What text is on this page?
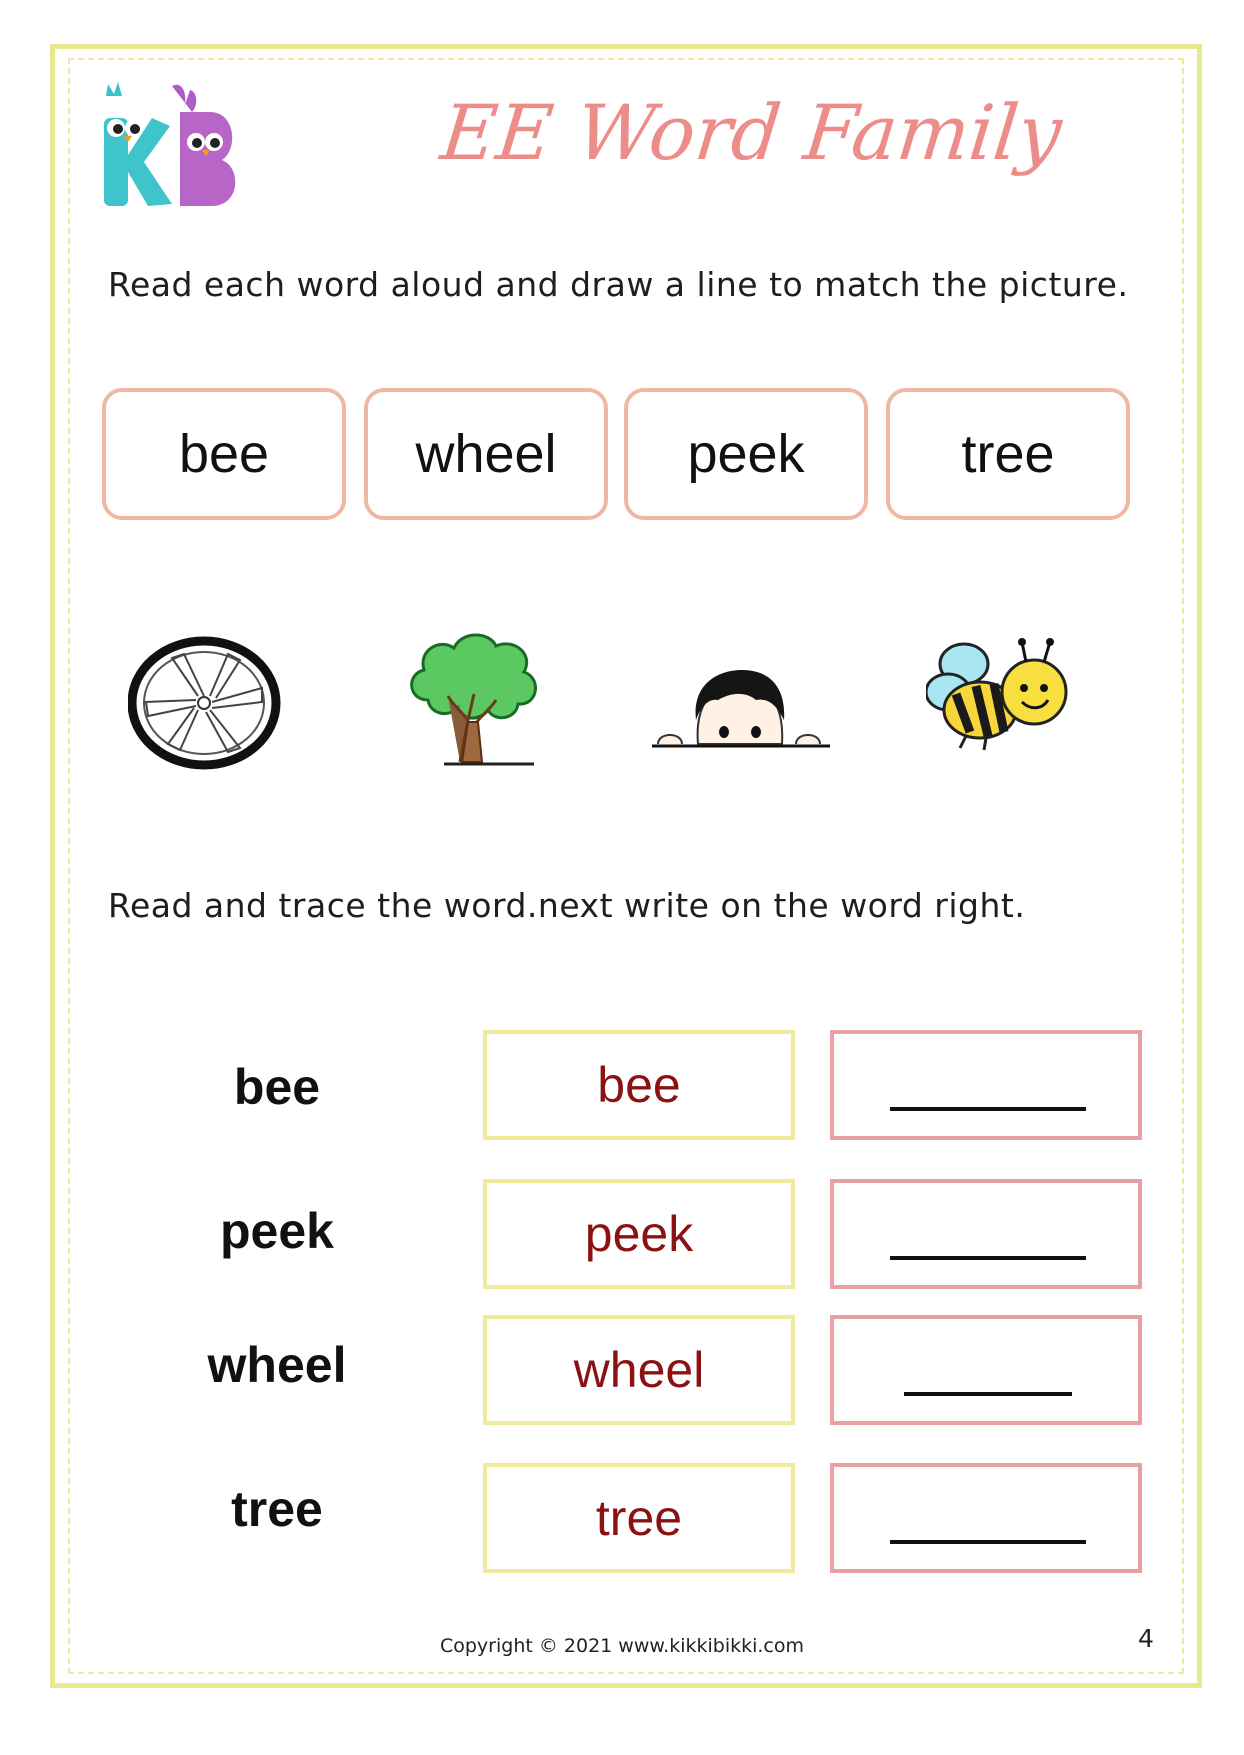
EE Word Family
Read each word aloud and draw a line to match the picture.
bee	wheel	peek	tree
Read and trace the word.next write on the word right.
bee	bee
peek	peek
wheel	wheel
tree	tree
Copyright © 2021 www.kikkibikki.com	4
